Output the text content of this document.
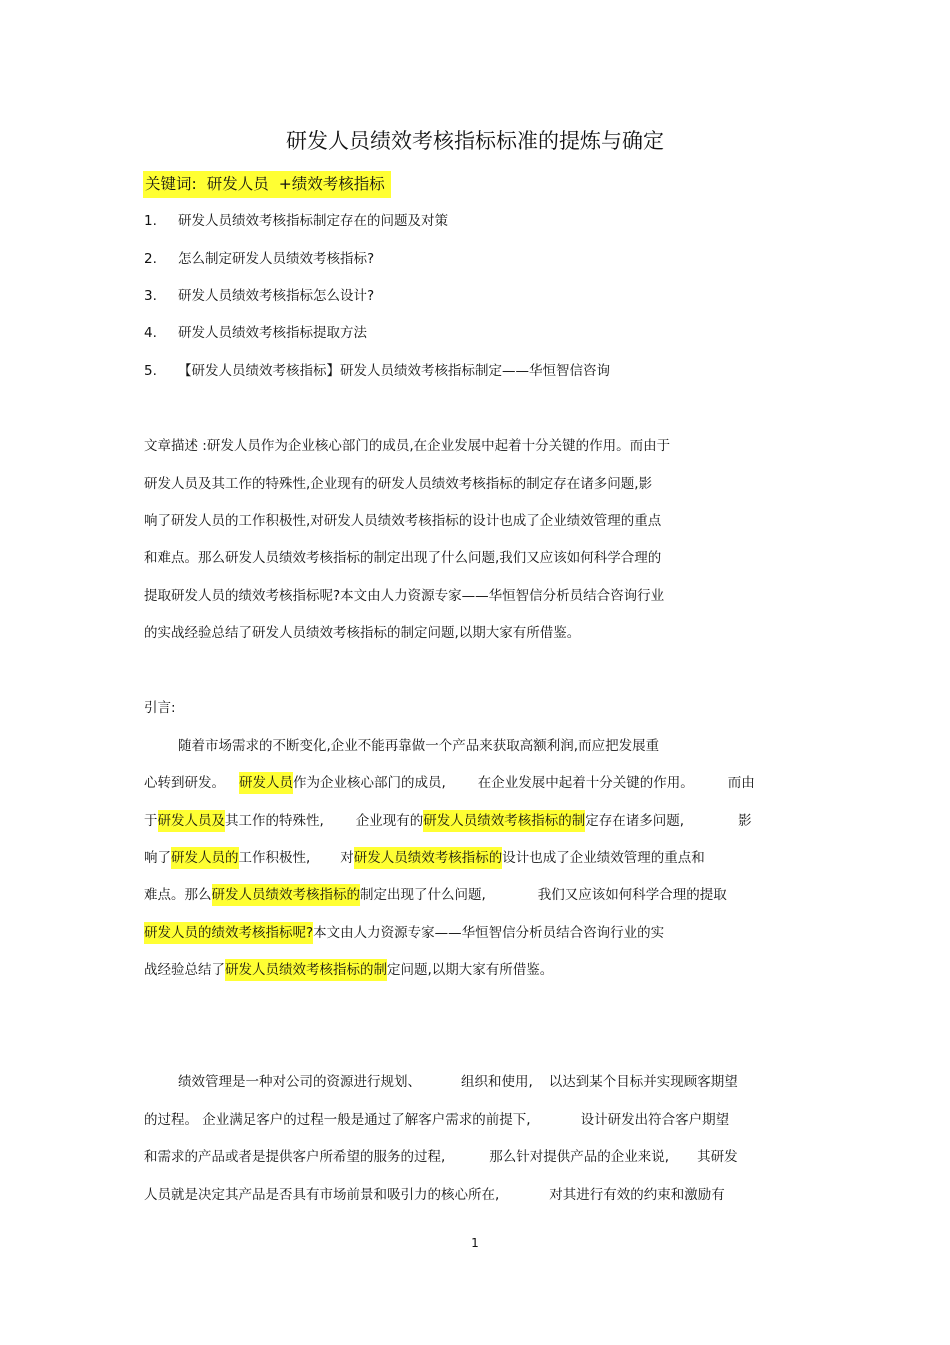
研发人员绩效考核指标标准的提炼与确定
关键词: 研发人员 +绩效考核指标
1. 研发人员绩效考核指标制定存在的问题及对策
2. 怎么制定研发人员绩效考核指标?
3. 研发人员绩效考核指标怎么设计?
4. 研发人员绩效考核指标提取方法
5. 【研发人员绩效考核指标】研发人员绩效考核指标制定——华恒智信咨询
文章描述 :研发人员作为企业核心部门的成员,在企业发展中起着十分关键的作用。而由于
研发人员及其工作的特殊性,企业现有的研发人员绩效考核指标的制定存在诸多问题,影
响了研发人员的工作积极性,对研发人员绩效考核指标的设计也成了企业绩效管理的重点
和难点。那么研发人员绩效考核指标的制定出现了什么问题,我们又应该如何科学合理的
提取研发人员的绩效考核指标呢?本文由人力资源专家——华恒智信分析员结合咨询行业
的实战经验总结了研发人员绩效考核指标的制定问题,以期大家有所借鉴。
引言:
随着市场需求的不断变化,企业不能再靠做一个产品来获取高额利润,而应把发展重
心转到研发。 研发人员作为企业核心部门的成员, 在企业发展中起着十分关键的作用。	而由
于研发人员及其工作的特殊性, 企业现有的研发人员绩效考核指标的制定存在诸多问题,	影
响了研发人员的工作积极性, 对研发人员绩效考核指标的设计也成了企业绩效管理的重点和
难点。那么研发人员绩效考核指标的制定出现了什么问题,	我们又应该如何科学合理的提取
研发人员的绩效考核指标呢?本文由人力资源专家——华恒智信分析员结合咨询行业的实
战经验总结了研发人员绩效考核指标的制定问题,以期大家有所借鉴。
绩效管理是一种对公司的资源进行规划、	组织和使用, 以达到某个目标并实现顾客期望
的过程。 企业满足客户的过程一般是通过了解客户需求的前提下,	设计研发出符合客户期望
和需求的产品或者是提供客户所希望的服务的过程,	那么针对提供产品的企业来说, 其研发
人员就是决定其产品是否具有市场前景和吸引力的核心所在,	对其进行有效的约束和激励有
1
